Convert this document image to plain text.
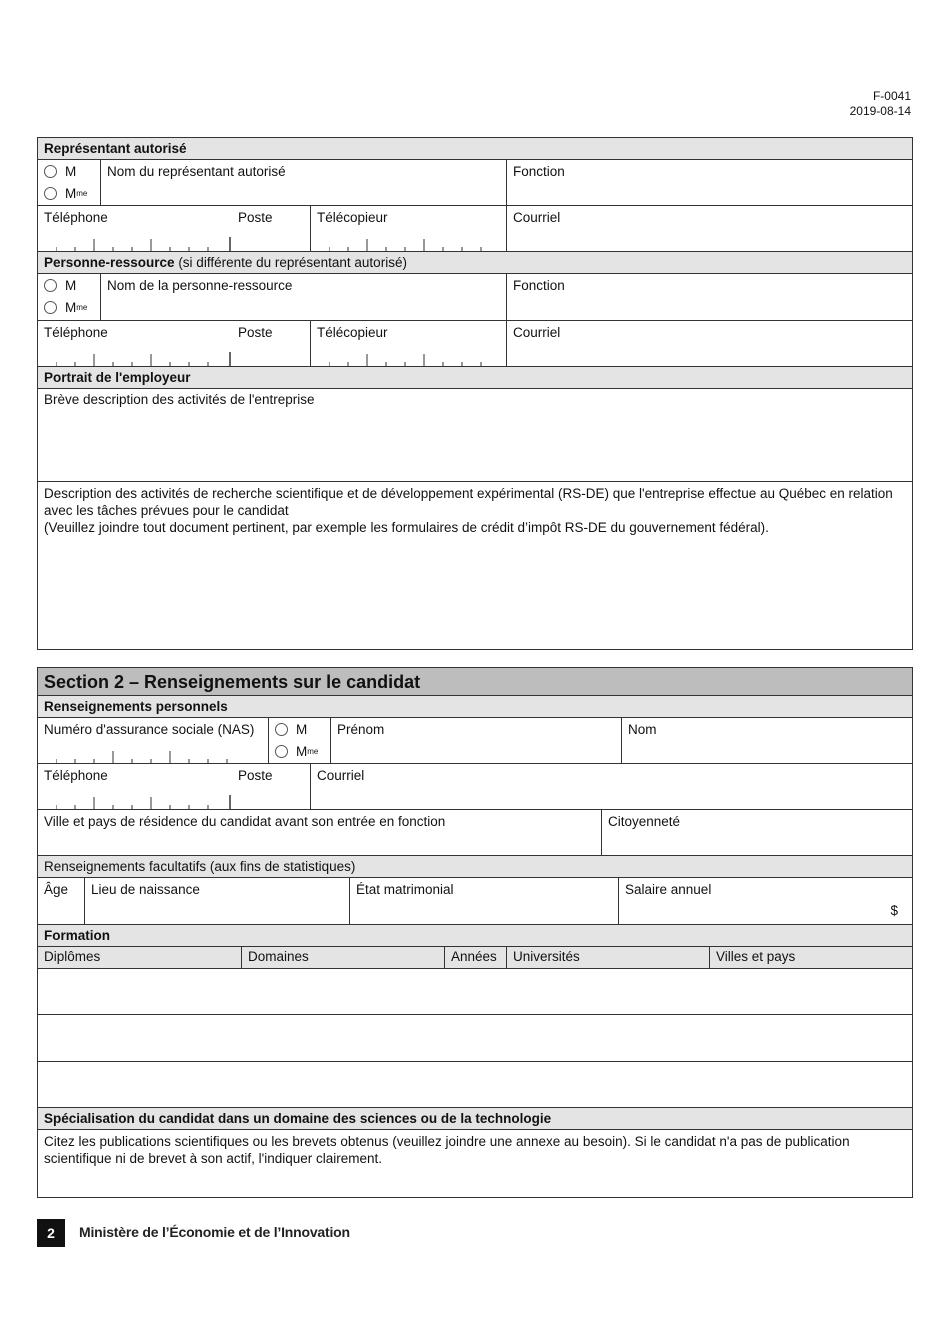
F-0041
2019-08-14
Représentant autorisé
M
M me
Nom du représentant autorisé	Fonction
Téléphone	Poste	Télécopieur	Courriel
Personne-ressource (si différente du représentant autorisé)
M
M me
Nom de la personne-ressource	Fonction
Téléphone	Poste	Télécopieur	Courriel
Portrait de l'employeur
Brève description des activités de l'entreprise
Description des activités de recherche scientifique et de développement expérimental (RS-DE) que l'entreprise effectue au Québec en relation avec les tâches prévues pour le candidat
(Veuillez joindre tout document pertinent, par exemple les formulaires de crédit d’impôt RS-DE du gouvernement fédéral).
Section 2 – Renseignements sur le candidat
Renseignements personnels
Numéro d'assurance sociale (NAS)	M
M me
Prénom	Nom
Téléphone	Poste	Courriel
Ville et pays de résidence du candidat avant son entrée en fonction	Citoyenneté
Renseignements facultatifs (aux fins de statistiques)
Âge	Lieu de naissance	État matrimonial	Salaire annuel
$
Formation
Diplômes	Domaines	Années	Universités	Villes et pays
Spécialisation du candidat dans un domaine des sciences ou de la technologie
Citez les publications scientifiques ou les brevets obtenus (veuillez joindre une annexe au besoin). Si le candidat n'a pas de publication scientifique ni de brevet à son actif, l'indiquer clairement.
2	Ministère de l’Économie et de l’Innovation
